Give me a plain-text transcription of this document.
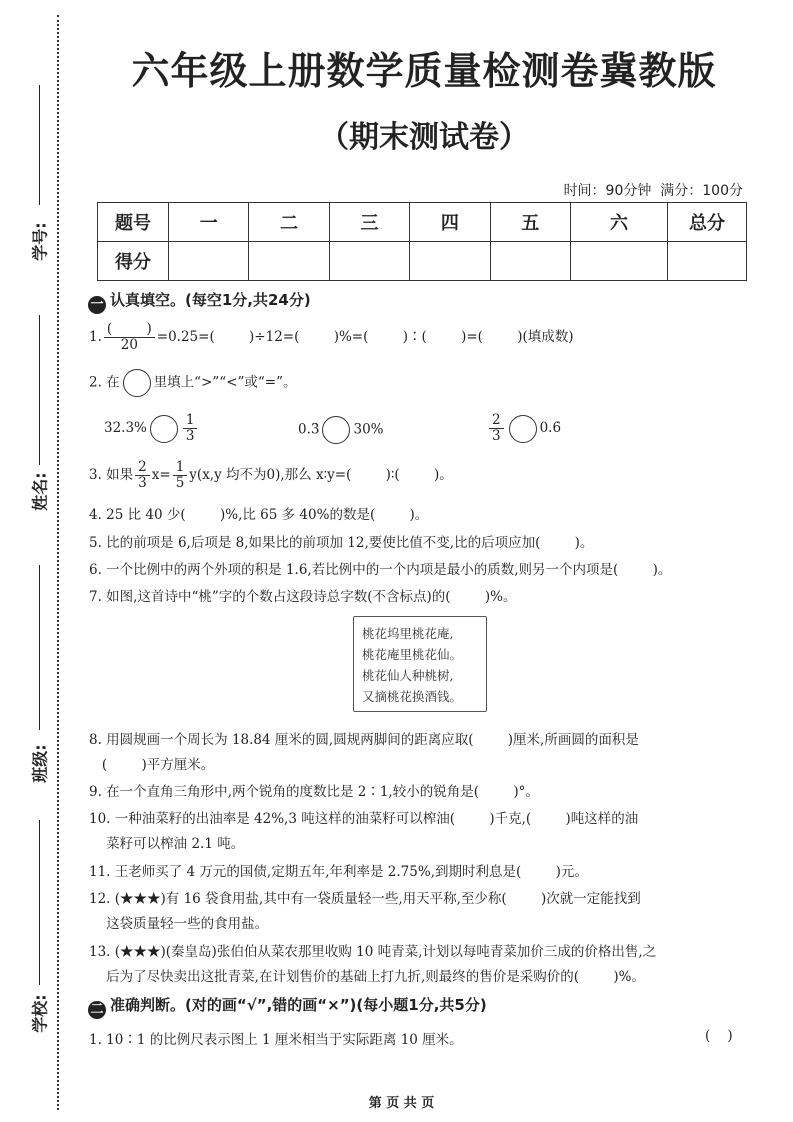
学号:
姓名:
班级:
学校:
六年级上册数学质量检测卷冀教版
（期末测试卷）
时间：90分钟  满分：100分
题号	一	二	三	四	五	六	总分
得分							
一 认真填空。(每空1分,共24分)
1. $\frac{( )}{20} =0.25=$(        )÷12=(        )%=(        )∶(        )=(        )(填成数)
2. 在	里填上“>”“<”或“=”。
32.3%	$\frac{1}{3}$	0.3̇	30%	$\frac{2}{3}$	0.6̇
3. 如果 $\frac{2}{3} x= \frac{1}{5} y(x,y$ 均不为0),那么 x∶y=(        )∶(        )。
4. 25 比 40 少(        )%,比 65 多 40%的数是(        )。
5. 比的前项是 6,后项是 8,如果比的前项加 12,要使比值不变,比的后项应加(        )。
6. 一个比例中的两个外项的积是 1.6,若比例中的一个内项是最小的质数,则另一个内项是(        )。
7. 如图,这首诗中“桃”字的个数占这段诗总字数(不含标点)的(        )%。
桃花坞里桃花庵,
桃花庵里桃花仙。
桃花仙人种桃树,
又摘桃花换酒钱。
8. 用圆规画一个周长为 18.84 厘米的圆,圆规两脚间的距离应取(        )厘米,所画圆的面积是
(        )平方厘米。
9. 在一个直角三角形中,两个锐角的度数比是 2∶1,较小的锐角是(        )°。
10. 一种油菜籽的出油率是 42%,3 吨这样的油菜籽可以榨油(        )千克,(        )吨这样的油
菜籽可以榨油 2.1 吨。
11. 王老师买了 4 万元的国债,定期五年,年利率是 2.75%,到期时利息是(        )元。
12. (★★★)有 16 袋食用盐,其中有一袋质量轻一些,用天平称,至少称(        )次就一定能找到
这袋质量轻一些的食用盐。
13. (★★★)(秦皇岛)张伯伯从菜农那里收购 10 吨青菜,计划以每吨青菜加价三成的价格出售,之
后为了尽快卖出这批青菜,在计划售价的基础上打九折,则最终的售价是采购价的(        )%。
二 准确判断。(对的画“√”,错的画“×”)(每小题1分,共5分)
1. 10∶1 的比例尺表示图上 1 厘米相当于实际距离 10 厘米。	(    )
第 页 共 页
